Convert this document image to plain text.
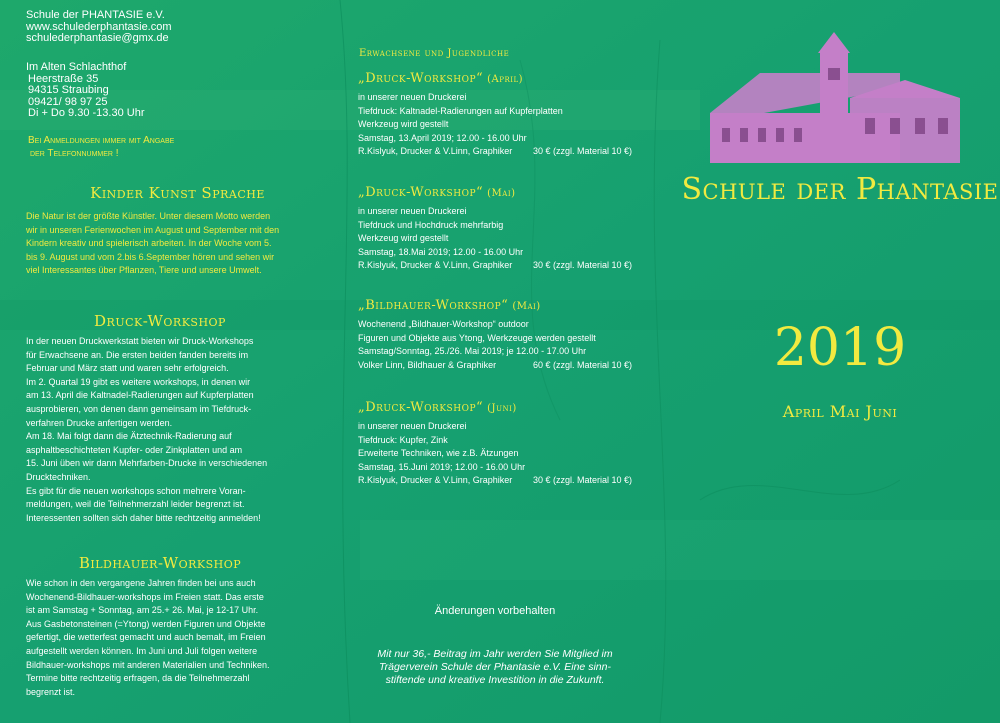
Schule der PHANTASIE e.V.
www.schulederphantasie.com
schulederphantasie@gmx.de
Im Alten Schlachthof
Heerstraße 35
94315 Straubing
09421/ 98 97 25
Di + Do 9.30 -13.30 Uhr
Bei Anmeldungen immer mit Angabe
der Telefonnummer !
Kinder Kunst Sprache
Die Natur ist der größte Künstler. Unter diesem Motto werden
wir in unseren Ferienwochen im August und September mit den
Kindern kreativ und spielerisch arbeiten. In der Woche vom 5.
bis 9. August und vom 2.bis 6.September hören und sehen wir
viel Interessantes über Pflanzen, Tiere und unsere Umwelt.
Druck-Workshop
In der neuen Druckwerkstatt bieten wir Druck-Workshops
für Erwachsene an. Die ersten beiden fanden bereits im
Februar und März statt und waren sehr erfolgreich.
Im 2. Quartal 19 gibt es weitere workshops, in denen wir
am 13. April die Kaltnadel-Radierungen auf Kupferplatten
ausprobieren, von denen dann gemeinsam im Tiefdruck-
verfahren Drucke anfertigen werden.
Am 18. Mai folgt dann die Ätztechnik-Radierung auf
asphaltbeschichteten Kupfer- oder Zinkplatten und am
15. Juni üben wir dann Mehrfarben-Drucke in verschiedenen
Drucktechniken.
Es gibt für die neuen workshops schon mehrere Voran-
meldungen, weil die Teilnehmerzahl leider begrenzt ist.
Interessenten sollten sich daher bitte rechtzeitig anmelden!
Bildhauer-Workshop
Wie schon in den vergangene Jahren finden bei uns auch
Wochenend-Bildhauer-workshops im Freien statt. Das erste
ist am Samstag + Sonntag, am 25.+ 26. Mai, je 12-17 Uhr.
Aus Gasbetonsteinen (=Ytong) werden Figuren und Objekte
gefertigt, die wetterfest gemacht und auch bemalt, im Freien
aufgestellt werden können. Im Juni und Juli folgen weitere
Bildhauer-workshops mit anderen Materialien und Techniken.
Termine bitte rechtzeitig erfragen, da die Teilnehmerzahl
begrenzt ist.
Erwachsene und Jugendliche
„Druck-Workshop“ (April)
in unserer neuen Druckerei
Tiefdruck: Kaltnadel-Radierungen auf Kupferplatten
Werkzeug wird gestellt
Samstag, 13.April 2019; 12.00 - 16.00 Uhr
R.Kislyuk, Drucker & V.Linn, Graphiker 30 € (zzgl. Material 10 €)
„Druck-Workshop“ (Mai)
in unserer neuen Druckerei
Tiefdruck und Hochdruck mehrfarbig
Werkzeug wird gestellt
Samstag, 18.Mai 2019; 12.00 - 16.00 Uhr
R.Kislyuk, Drucker & V.Linn, Graphiker 30 € (zzgl. Material 10 €)
„Bildhauer-Workshop“ (Mai)
Wochenend „Bildhauer-Workshop“ outdoor
Figuren und Objekte aus Ytong, Werkzeuge werden gestellt
Samstag/Sonntag, 25./26. Mai 2019; je 12.00 - 17.00 Uhr
Volker Linn, Bildhauer & Graphiker	60 € (zzgl. Material 10 €)
„Druck-Workshop“ (Juni)
in unserer neuen Druckerei
Tiefdruck: Kupfer, Zink
Erweiterte Techniken, wie z.B. Ätzungen
Samstag, 15.Juni 2019; 12.00 - 16.00 Uhr
R.Kislyuk, Drucker & V.Linn, Graphiker 30 € (zzgl. Material 10 €)
Änderungen vorbehalten
Mit nur 36,- Beitrag im Jahr werden Sie Mitglied im
Trägerverein Schule der Phantasie e.V. Eine sinn-
stiftende und kreative Investition in die Zukunft.
Schule der Phantasie
2019
April Mai Juni
